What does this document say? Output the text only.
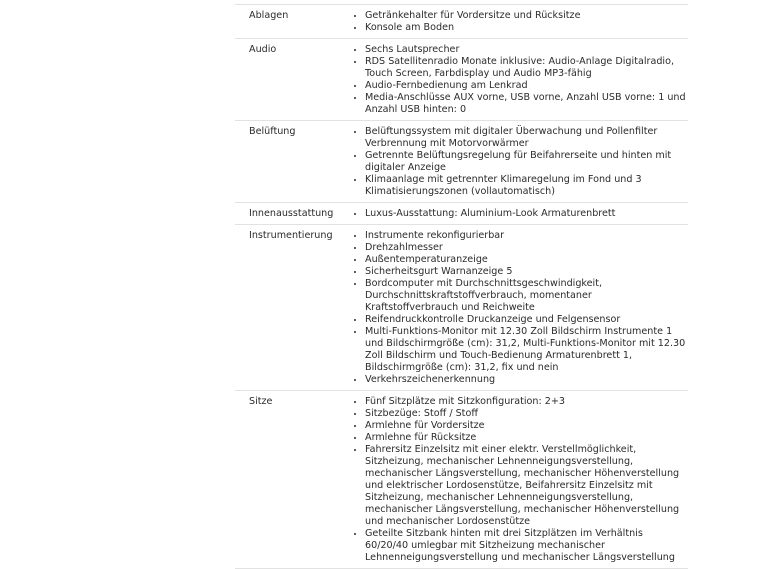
Ablagen	• Getränkehalter für Vordersitze und Rücksitze
• Konsole am Boden
Audio	• Sechs Lautsprecher
• RDS Satellitenradio Monate inklusive: Audio-Anlage Digitalradio, Touch Screen, Farbdisplay und Audio MP3-fähig
• Audio-Fernbedienung am Lenkrad
• Media-Anschlüsse AUX vorne, USB vorne, Anzahl USB vorne: 1 und Anzahl USB hinten: 0
Belüftung	• Belüftungssystem mit digitaler Überwachung und Pollenfilter Verbrennung mit Motorvorwärmer
• Getrennte Belüftungsregelung für Beifahrerseite und hinten mit digitaler Anzeige
• Klimaanlage mit getrennter Klimaregelung im Fond und 3 Klimatisierungszonen (vollautomatisch)
Innenausstattung	• Luxus-Ausstattung: Aluminium-Look Armaturenbrett
Instrumentierung	• Instrumente rekonfigurierbar
• Drehzahlmesser
• Außentemperaturanzeige
• Sicherheitsgurt Warnanzeige 5
• Bordcomputer mit Durchschnittsgeschwindigkeit, Durchschnittskraftstoffverbrauch, momentaner Kraftstoffverbrauch und Reichweite
• Reifendruckkontrolle Druckanzeige und Felgensensor
• Multi-Funktions-Monitor mit 12.30 Zoll Bildschirm Instrumente 1 und Bildschirmgröße (cm): 31,2, Multi-Funktions-Monitor mit 12.30 Zoll Bildschirm und Touch-Bedienung Armaturenbrett 1, Bildschirmgröße (cm): 31,2, fix und nein
• Verkehrszeichenerkennung
Sitze	• Fünf Sitzplätze mit Sitzkonfiguration: 2+3
• Sitzbezüge: Stoff / Stoff
• Armlehne für Vordersitze
• Armlehne für Rücksitze
• Fahrersitz Einzelsitz mit einer elektr. Verstellmöglichkeit, Sitzheizung, mechanischer Lehnenneigungsverstellung, mechanischer Längsverstellung, mechanischer Höhenverstellung und elektrischer Lordosenstütze, Beifahrersitz Einzelsitz mit Sitzheizung, mechanischer Lehnenneigungsverstellung, mechanischer Längsverstellung, mechanischer Höhenverstellung und mechanischer Lordosenstütze
• Geteilte Sitzbank hinten mit drei Sitzplätzen im Verhältnis 60/20/40 umlegbar mit Sitzheizung mechanischer Lehnenneigungsverstellung und mechanischer Längsverstellung
